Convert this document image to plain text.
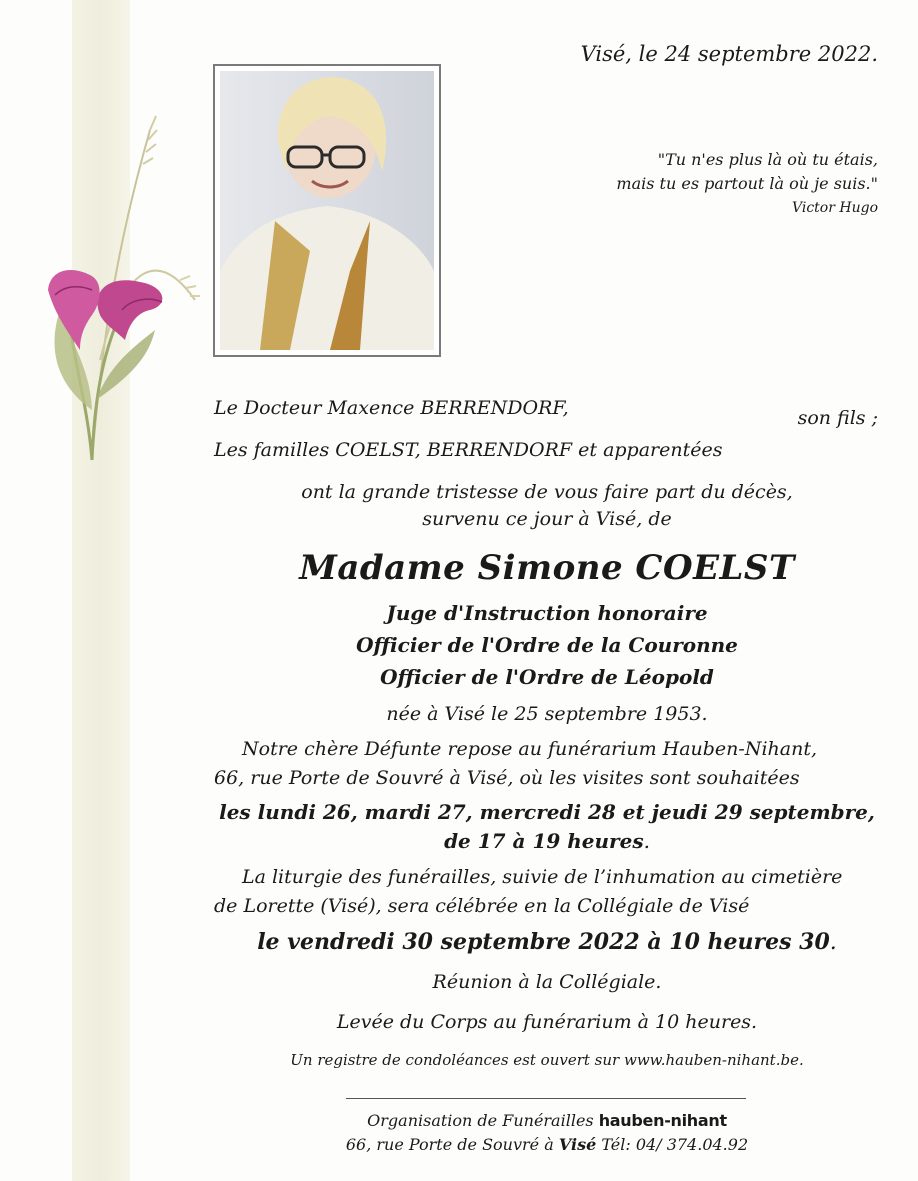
Visé, le 24 septembre 2022.
"Tu n'es plus là où tu étais,
mais tu es partout là où je suis."
Victor Hugo
Le Docteur Maxence BERRENDORF,	son fils ;
Les familles COELST, BERRENDORF et apparentées
ont la grande tristesse de vous faire part du décès,
survenu ce jour à Visé, de
Madame Simone COELST
Juge d'Instruction honoraire
Officier de l'Ordre de la Couronne
Officier de l'Ordre de Léopold
née à Visé le 25 septembre 1953.
Notre chère Défunte repose au funérarium Hauben-Nihant,
66, rue Porte de Souvré à Visé, où les visites sont souhaitées
les lundi 26, mardi 27, mercredi 28 et jeudi 29 septembre,
de 17 à 19 heures.
La liturgie des funérailles, suivie de l’inhumation au cimetière
de Lorette (Visé), sera célébrée en la Collégiale de Visé
le vendredi 30 septembre 2022 à 10 heures 30.
Réunion à la Collégiale.
Levée du Corps au funérarium à 10 heures.
Un registre de condoléances est ouvert sur www.hauben-nihant.be.
Organisation de Funérailles hauben-nihant
66, rue Porte de Souvré à Visé Tél: 04/ 374.04.92
